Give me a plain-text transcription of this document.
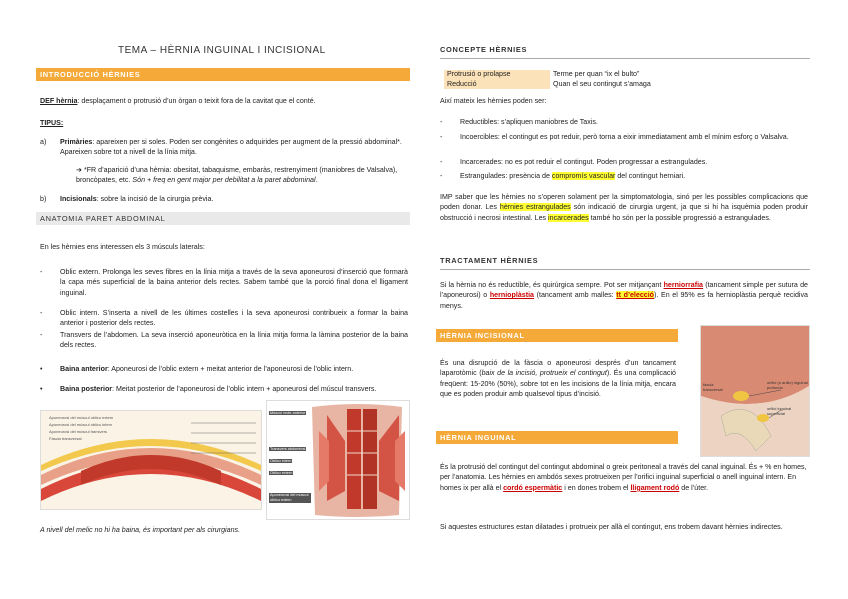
TEMA – HÈRNIA INGUINAL I INCISIONAL
INTRODUCCIÓ HÈRNIES
DEF hèrnia: desplaçament o protrusió d’un òrgan o teixit fora de la cavitat que el conté.
TIPUS:
a) Primàries: apareixen per si soles. Poden ser congènites o adquirides per augment de la pressió abdominal*. Apareixen sobre tot a nivell de la línia mitja.
➔ *FR d’aparició d’una hèrnia: obesitat, tabaquisme, embaràs, restrenyiment (maniobres de Valsalva), broncòpates, etc. Són + freq en gent major per debilitat a la paret abdominal.
b) Incisionals: sobre la incisió de la cirurgia prèvia.
ANATOMIA PARET ABDOMINAL
En les hèrnies ens interessen els 3 músculs laterals:
- Oblic extern. Prolonga les seves fibres en la línia mitja a través de la seva aponeurosi d’inserció que formarà la capa més superficial de la baina anterior dels rectes. Sabem també que la porció final dona el lligament inguinal.
- Oblic intern. S’inserta a nivell de les últimes costelles i la seva aponeurosi contribueix a formar la baina anterior i posterior dels rectes.
- Transvers de l’abdomen. La seva inserció aponeuròtica en la línia mitja forma la làmina posterior de la baina dels rectes.
• Baina anterior: Aponeurosi de l’oblic extern + meitat anterior de l’aponeurosi de l’oblic intern.
• Baina posterior: Meitat posterior de l’aponeurosi de l’oblic intern + aponeurosi del múscul transvers.
Aponeurosi del múscul oblicu extern
Aponeurosi del múscul oblicu intern
Aponeurosi del múscul transvers
Fàscia transversal
Múscul recte anterior
Transvers abdominal
Oblicu intern
Oblicu extern
Aponeurosi del múscul oblicu extern
A nivell del melic no hi ha baina, és important per als cirurgians.
CONCEPTE HÈRNIES
Protrusió o prolapse	Terme per quan “ix el bulto”
Reducció	Quan el seu contingut s’amaga
Així mateix les hèrnies poden ser:
- Reductibles: s’apliquen maniobres de Taxis.
- Incoercibles: el contingut es pot reduir, però torna a eixir immediatament amb el mínim esforç o Valsalva.
- Incarcerades: no es pot reduir el contingut. Poden progressar a estrangulades.
- Estrangulades: presència de compromís vascular del contingut herniari.
IMP saber que les hèrnies no s’operen solament per la simptomatologia, sinó per les possibles complicacions que poden donar. Les hèrnies estrangulades són indicació de cirurgia urgent, ja que si hi ha isquèmia poden produir obstrucció i necrosi intestinal. Les incarcerades també ho són per la possible progressió a estrangulades.
TRACTAMENT HÈRNIES
Si la hèrnia no és reductible, és quirúrgica sempre. Pot ser mitjançant herniorrafia (tancament simple per sutura de l’aponeurosi) o hernioplàstia (tancament amb malles: tt d’elecció). En el 95% es fa hernioplàstia perquè recidiva menys.
HÈRNIA INCISIONAL
És una disrupció de la fàscia o aponeurosi després d’un tancament laparotòmic (baix de la incisió, protrueix el contingut). És una complicació freqüent: 15-20% (50%), sobre tot en les incisions de la línia mitja, encara que es poden produir amb qualsevol tipus d’incisió.
HÈRNIA INGUINAL
fàscia transversal
orifici (o anillo) inguinal profundo
orifici inguinal superficial
És la protrusió del contingut del contingut abdominal o greix peritoneal a través del canal inguinal. És + % en homes, per l’anatomia. Les hèrnies en ambdós sexes protrueixen per l’orifici inguinal superficial o anell inguinal intern. En homes ix per allà el cordó espermàtic i en dones trobem el lligament rodó de l’úter.
Si aquestes estructures estan dilatades i protrueix per allà el contingut, ens trobem davant hèrnies indirectes.
